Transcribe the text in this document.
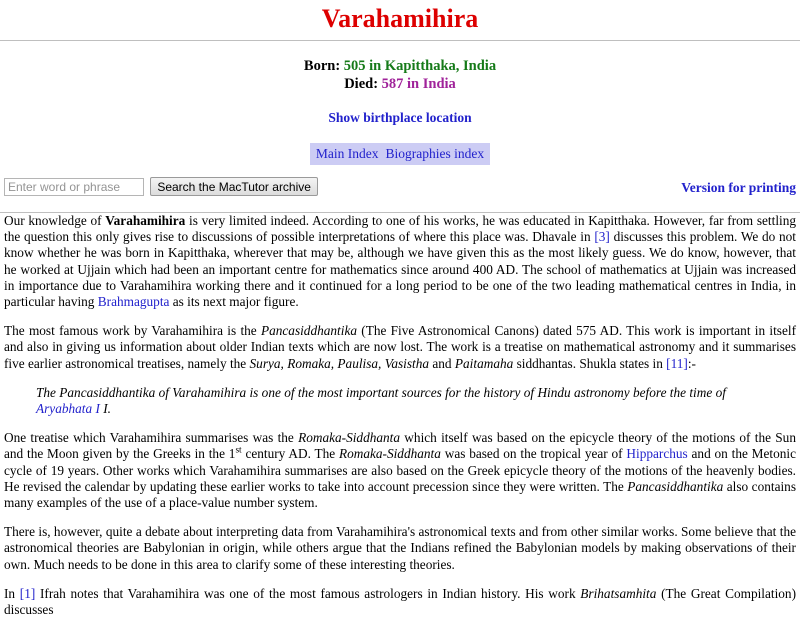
Varahamihira
Born: 505 in Kapitthaka, India
Died: 587 in India
Show birthplace location
Main Index Biographies index
Enter word or phrase Search the MacTutor archive	Version for printing

Our knowledge of Varahamihira is very limited indeed. According to one of his works, he was educated in Kapitthaka. However, far from settling the question this only gives rise to discussions of possible interpretations of where this place was. Dhavale in [3] discusses this problem. We do not know whether he was born in Kapitthaka, wherever that may be, although we have given this as the most likely guess. We do know, however, that he worked at Ujjain which had been an important centre for mathematics since around 400 AD. The school of mathematics at Ujjain was increased in importance due to Varahamihira working there and it continued for a long period to be one of the two leading mathematical centres in India, in particular having Brahmagupta as its next major figure.

The most famous work by Varahamihira is the Pancasiddhantika (The Five Astronomical Canons) dated 575 AD. This work is important in itself and also in giving us information about older Indian texts which are now lost. The work is a treatise on mathematical astronomy and it summarises five earlier astronomical treatises, namely the Surya, Romaka, Paulisa, Vasistha and Paitamaha siddhantas. Shukla states in [11]:-

The Pancasiddhantika of Varahamihira is one of the most important sources for the history of Hindu astronomy before the time of Aryabhata I I.

One treatise which Varahamihira summarises was the Romaka-Siddhanta which itself was based on the epicycle theory of the motions of the Sun and the Moon given by the Greeks in the 1st century AD. The Romaka-Siddhanta was based on the tropical year of Hipparchus and on the Metonic cycle of 19 years. Other works which Varahamihira summarises are also based on the Greek epicycle theory of the motions of the heavenly bodies. He revised the calendar by updating these earlier works to take into account precession since they were written. The Pancasiddhantika also contains many examples of the use of a place-value number system.

There is, however, quite a debate about interpreting data from Varahamihira's astronomical texts and from other similar works. Some believe that the astronomical theories are Babylonian in origin, while others argue that the Indians refined the Babylonian models by making observations of their own. Much needs to be done in this area to clarify some of these interesting theories.

In [1] Ifrah notes that Varahamihira was one of the most famous astrologers in Indian history. His work Brihatsamhita (The Great Compilation) discusses
